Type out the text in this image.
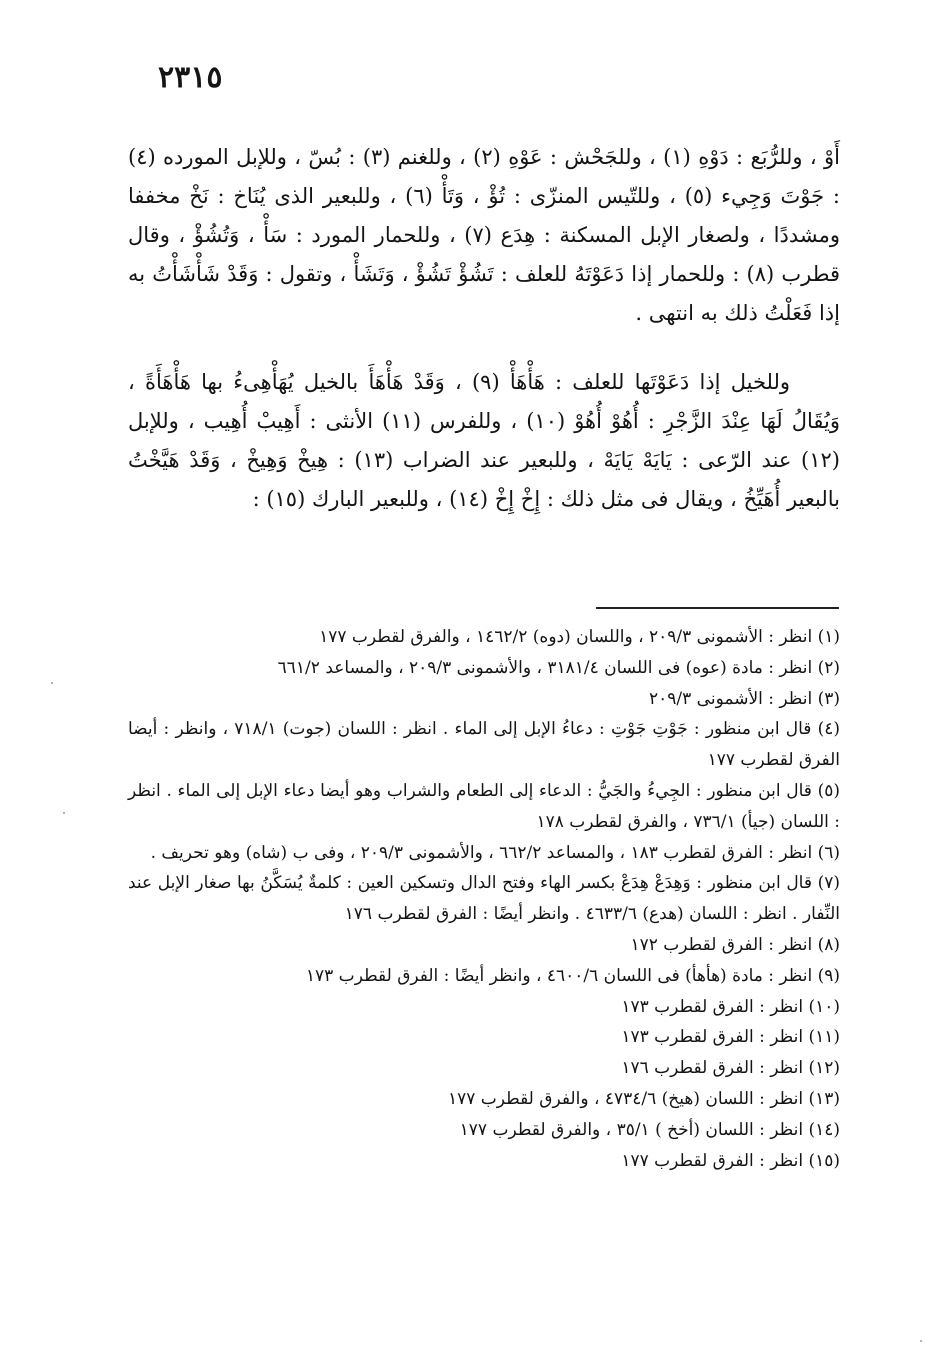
٢٣١٥

أَوْ ، وللرُّبَع : دَوْهِ (١) ، وللجَحْش : عَوْهِ (٢) ، وللغنم (٣) : بُسّ ، وللإبل المورده (٤) : جَوْتَ وَجِيء (٥) ، وللتّيس المنزّى : تُؤْ ، وَتَأْ (٦) ، وللبعير الذى يُنَاخ : نَخْ مخففا ومشددًا ، ولصغار الإبل المسكنة : هِدَع (٧) ، وللحمار المورد : سَأْ ، وَتُشُؤْ ، وقال قطرب (٨) : وللحمار إذا دَعَوْتَهُ للعلف : تَشُؤْ تَشُؤْ ، وَتَشَأْ ، وتقول : وَقَدْ شَأْشَأْتُ به إذا فَعَلْتُ ذلك به انتهى .

وللخيل إذا دَعَوْتَها للعلف : هَأْهَأْ (٩) ، وَقَدْ هَأْهَأَ بالخيل يُهَأْهِىءُ بها هَأْهَأَةً ، وَيُقَالُ لَهَا عِنْدَ الزَّجْرِ : أُهُوْ أُهُوْ (١٠) ، وللفرس (١١) الأنثى : أَهِيبْ أُهِيب ، وللإبل (١٢) عند الرّعى : يَايَهْ يَايَهْ ، وللبعير عند الضراب (١٣) : هِيخْ وَهِيخْ ، وَقَدْ هَيَّخْتُ بالبعير أُهَيِّخُ ، ويقال فى مثل ذلك : إِخْ إِخْ (١٤) ، وللبعير البارك (١٥) :

(١) انظر : الأشمونى ٢٠٩/٣ ، واللسان (دوه) ١٤٦٢/٢ ، والفرق لقطرب ١٧٧

(٢) انظر : مادة (عوه) فى اللسان ٣١٨١/٤ ، والأشمونى ٢٠٩/٣ ، والمساعد ٦٦١/٢

(٣) انظر : الأشمونى ٢٠٩/٣

(٤) قال ابن منظور : جَوْتِ جَوْتِ : دعاءُ الإبل إلى الماء . انظر : اللسان (جوت) ٧١٨/١ ، وانظر : أيضا الفرق لقطرب ١٧٧

(٥) قال ابن منظور : الجِيءُ والجَيُّ : الدعاء إلى الطعام والشراب وهو أيضا دعاء الإبل إلى الماء . انظر : اللسان (جيأ) ٧٣٦/١ ، والفرق لقطرب ١٧٨

(٦) انظر : الفرق لقطرب ١٨٣ ، والمساعد ٦٦٢/٢ ، والأشمونى ٢٠٩/٣ ، وفى ب (شاه) وهو تحريف .

(٧) قال ابن منظور : وَهِدَعْ هِدَعْ بكسر الهاء وفتح الدال وتسكين العين : كلمةٌ يُسَكَّنُ بها صغار الإبل عند النِّفار . انظر : اللسان (هدع) ٤٦٣٣/٦ . وانظر أيضًا : الفرق لقطرب ١٧٦

(٨) انظر : الفرق لقطرب ١٧٢

(٩) انظر : مادة (هأهأ) فى اللسان ٤٦٠٠/٦ ، وانظر أيضًا : الفرق لقطرب ١٧٣

(١٠) انظر : الفرق لقطرب ١٧٣

(١١) انظر : الفرق لقطرب ١٧٣

(١٢) انظر : الفرق لقطرب ١٧٦

(١٣) انظر : اللسان (هيخ) ٤٧٣٤/٦ ، والفرق لقطرب ١٧٧

(١٤) انظر : اللسان (أخخ ) ٣٥/١ ، والفرق لقطرب ١٧٧

(١٥) انظر : الفرق لقطرب ١٧٧
